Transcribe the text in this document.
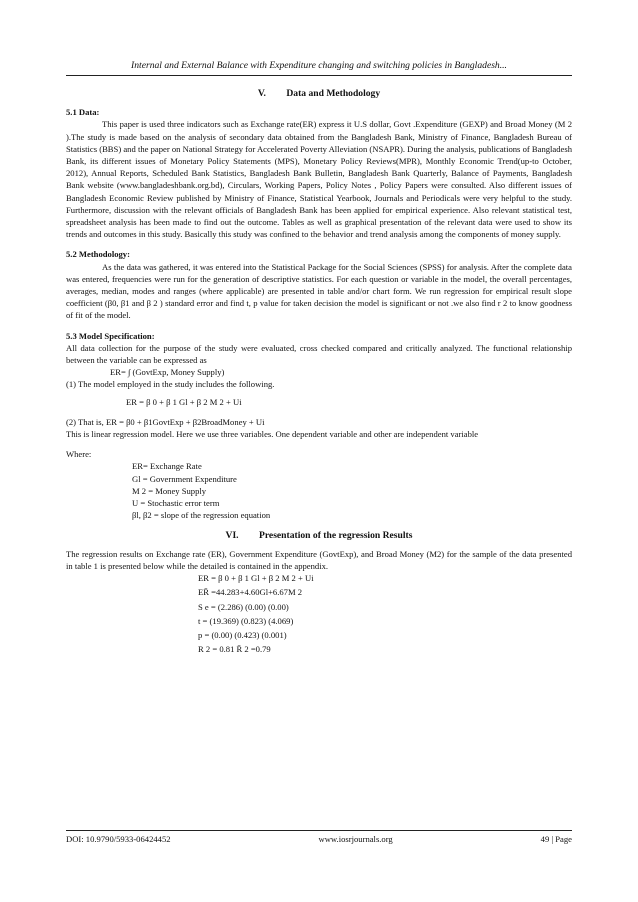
Internal and External Balance with Expenditure changing and switching policies in Bangladesh...
V. Data and Methodology

5.1 Data:

This paper is used three indicators such as Exchange rate(ER) express it U.S dollar, Govt .Expenditure (GEXP) and Broad Money (M 2 ).The study is made based on the analysis of secondary data obtained from the Bangladesh Bank, Ministry of Finance, Bangladesh Bureau of Statistics (BBS) and the paper on National Strategy for Accelerated Poverty Alleviation (NSAPR). During the analysis, publications of Bangladesh Bank, its different issues of Monetary Policy Statements (MPS), Monetary Policy Reviews(MPR), Monthly Economic Trend(up-to October, 2012), Annual Reports, Scheduled Bank Statistics, Bangladesh Bank Bulletin, Bangladesh Bank Quarterly, Balance of Payments, Bangladesh Bank website (www.bangladeshbank.org.bd), Circulars, Working Papers, Policy Notes , Policy Papers were consulted. Also different issues of Bangladesh Economic Review published by Ministry of Finance, Statistical Yearbook, Journals and Periodicals were very helpful to the study. Furthermore, discussion with the relevant officials of Bangladesh Bank has been applied for empirical experience. Also relevant statistical test, spreadsheet analysis has been made to find out the outcome. Tables as well as graphical presentation of the relevant data were used to show its trends and outcomes in this study. Basically this study was confined to the behavior and trend analysis among the components of money supply.

5.2 Methodology:

As the data was gathered, it was entered into the Statistical Package for the Social Sciences (SPSS) for analysis. After the complete data was entered, frequencies were run for the generation of descriptive statistics. For each question or variable in the model, the overall percentages, averages, median, modes and ranges (where applicable) are presented in table and/or chart form. We run regression for empirical result slope coefficient (β0, β1 and β 2 ) standard error and find t, p value for taken decision the model is significant or not .we also find r 2 to know goodness of fit of the model.

5.3 Model Specification:

All data collection for the purpose of the study were evaluated, cross checked compared and critically analyzed. The functional relationship between the variable can be expressed as

ER= ∫ (GovtExp, Money Supply)

(1) The model employed in the study includes the following.

ER = β 0 + β 1 Gl + β 2 M 2 + Ui

(2) That is, ER = β0 + β1GovtExp + β2BroadMoney + Ui

This is linear regression model. Here we use three variables. One dependent variable and other are independent variable

Where:

ER= Exchange Rate
Gl = Government Expenditure
M 2 = Money Supply
U = Stochastic error term
βl, β2 = slope of the regression equation
VI. Presentation of the regression Results

The regression results on Exchange rate (ER), Government Expenditure (GovtExp), and Broad Money (M2) for the sample of the data presented in table 1 is presented below while the detailed is contained in the appendix.

ER = β 0 + β 1 Gl + β 2 M 2 + Ui
ER̄ =44.283+4.60Gl+6.67M 2
S e = (2.286) (0.00) (0.00)
t = (19.369) (0.823) (4.069)
p = (0.00) (0.423) (0.001)
R 2 = 0.81 R̄ 2 =0.79
DOI: 10.9790/5933-06424452	www.iosrjournals.org	49 | Page
